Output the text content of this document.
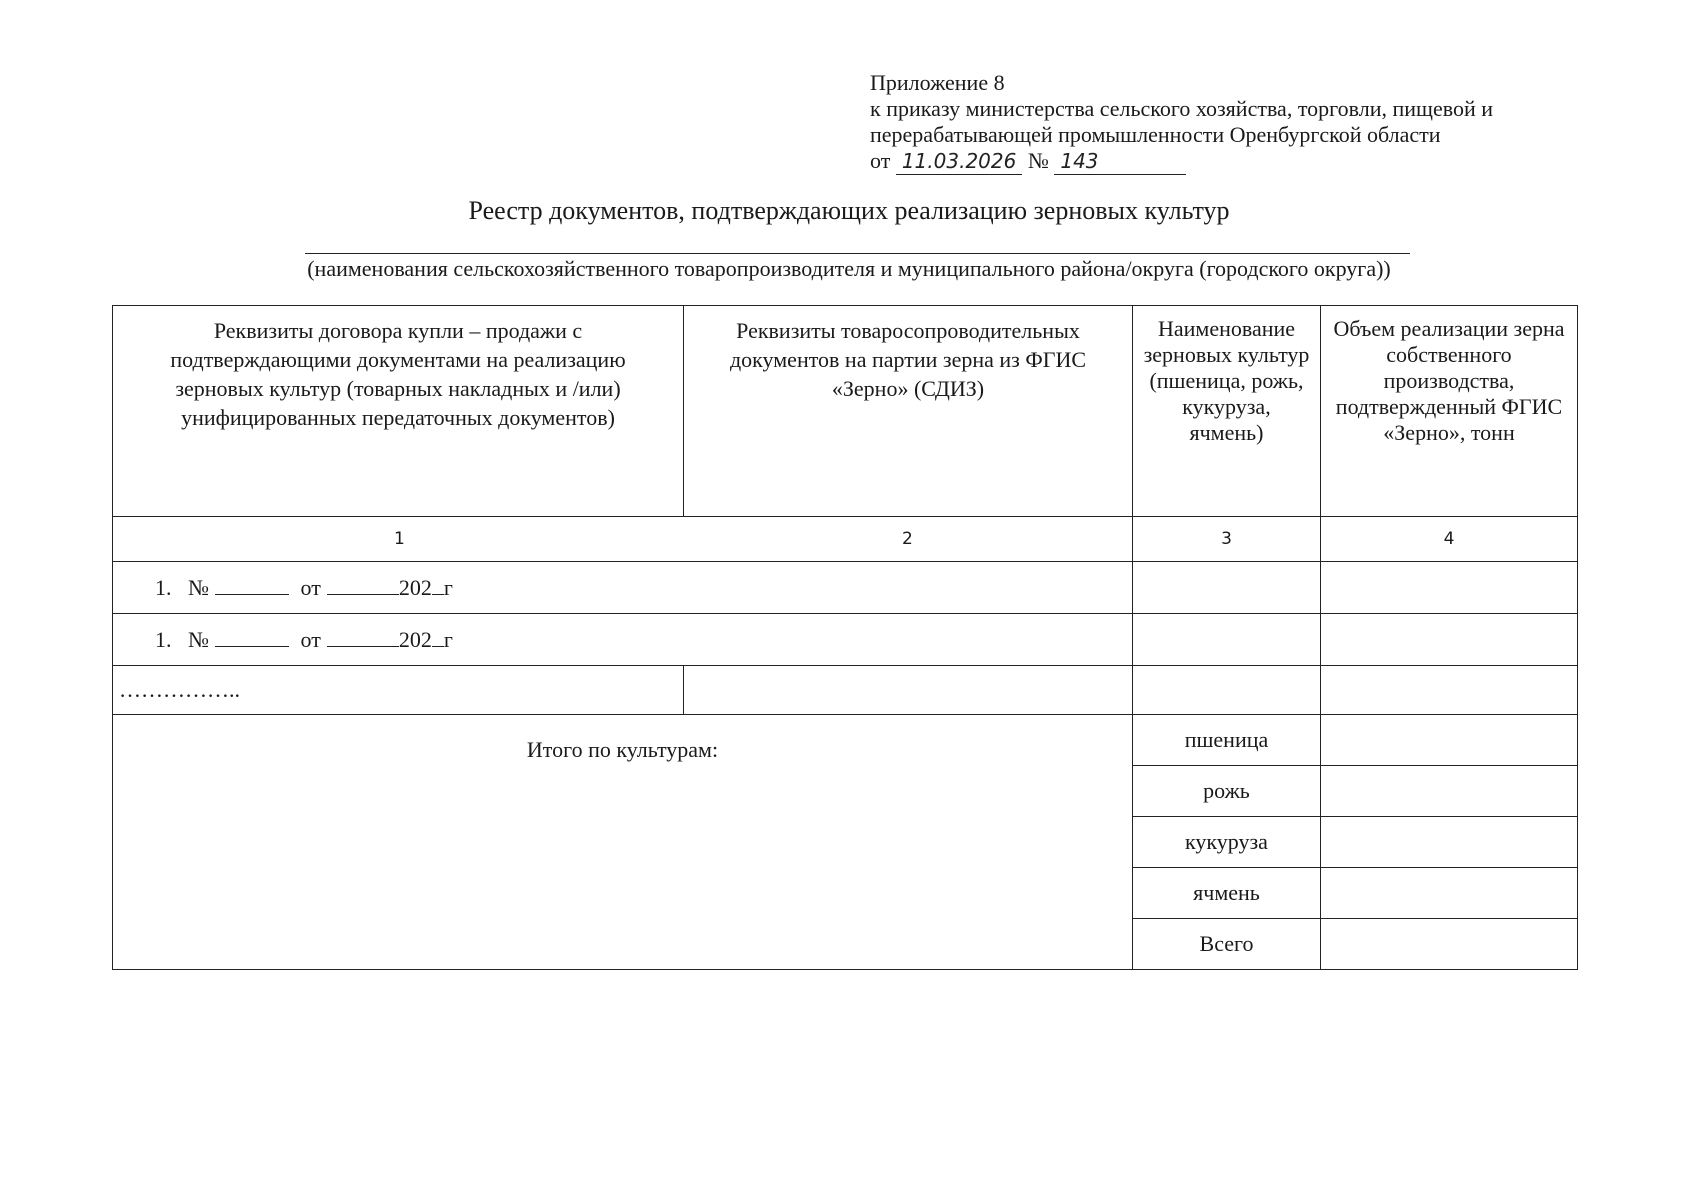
Приложение 8
к приказу министерства сельского хозяйства, торговли, пищевой и
перерабатывающей промышленности Оренбургской области
от 11.03.2026 № 143
Реестр документов, подтверждающих реализацию зерновых культур
(наименования сельскохозяйственного товаропроизводителя и муниципального района/округа (городского округа))
Реквизиты договора купли – продажи с подтверждающими документами на реализацию зерновых культур (товарных накладных и /или) унифицированных передаточных документов)	Реквизиты товаросопроводительных документов на партии зерна из ФГИС «Зерно» (СДИЗ)	Наименование зерновых культур (пшеница, рожь, кукуруза, ячмень)	Объем реализации зерна собственного производства, подтвержденный ФГИС «Зерно», тонн

1 2		3	4
1. № от 202 г			
1. № от 202 г			
……………..			
Итого по культурам:		пшеница	
		рожь	
		кукуруза	
		ячмень	
		Всего	
